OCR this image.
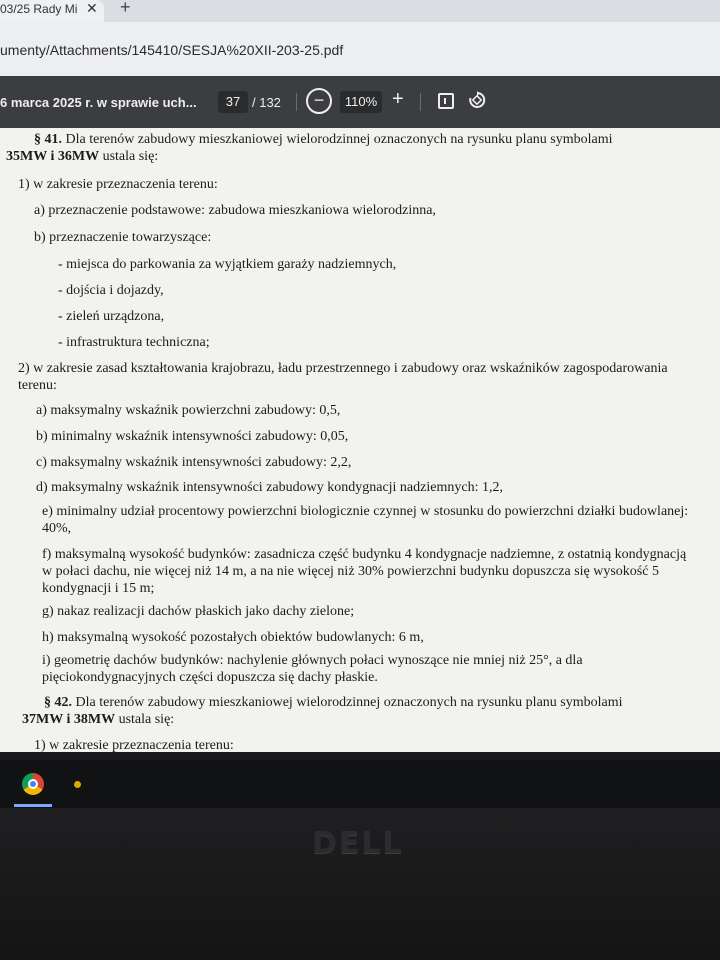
03/25 Rady Mi ✕ +
umenty/Attachments/145410/SESJA%20XII-203-25.pdf
6 marca 2025 r. w sprawie uch...	37 / 132	−	110% +
§ 41. Dla terenów zabudowy mieszkaniowej wielorodzinnej oznaczonych na rysunku planu symbolami
35MW i 36MW ustala się:
1) w zakresie przeznaczenia terenu:
a) przeznaczenie podstawowe: zabudowa mieszkaniowa wielorodzinna,
b) przeznaczenie towarzyszące:
- miejsca do parkowania za wyjątkiem garaży nadziemnych,
- dojścia i dojazdy,
- zieleń urządzona,
- infrastruktura techniczna;
2) w zakresie zasad kształtowania krajobrazu, ładu przestrzennego i zabudowy oraz wskaźników zagospodarowania terenu:
a) maksymalny wskaźnik powierzchni zabudowy: 0,5,
b) minimalny wskaźnik intensywności zabudowy: 0,05,
c) maksymalny wskaźnik intensywności zabudowy: 2,2,
d) maksymalny wskaźnik intensywności zabudowy kondygnacji nadziemnych: 1,2,
e) minimalny udział procentowy powierzchni biologicznie czynnej w stosunku do powierzchni działki budowlanej: 40%,
f) maksymalną wysokość budynków: zasadnicza część budynku 4 kondygnacje nadziemne, z ostatnią kondygnacją w połaci dachu, nie więcej niż 14 m, a na nie więcej niż 30% powierzchni budynku dopuszcza się wysokość 5 kondygnacji i 15 m;
g) nakaz realizacji dachów płaskich jako dachy zielone;
h) maksymalną wysokość pozostałych obiektów budowlanych: 6 m,
i) geometrię dachów budynków: nachylenie głównych połaci wynoszące nie mniej niż 25°, a dla pięciokondygnacyjnych części dopuszcza się dachy płaskie.
§ 42. Dla terenów zabudowy mieszkaniowej wielorodzinnej oznaczonych na rysunku planu symbolami
37MW i 38MW ustala się:
1) w zakresie przeznaczenia terenu:
DELL
